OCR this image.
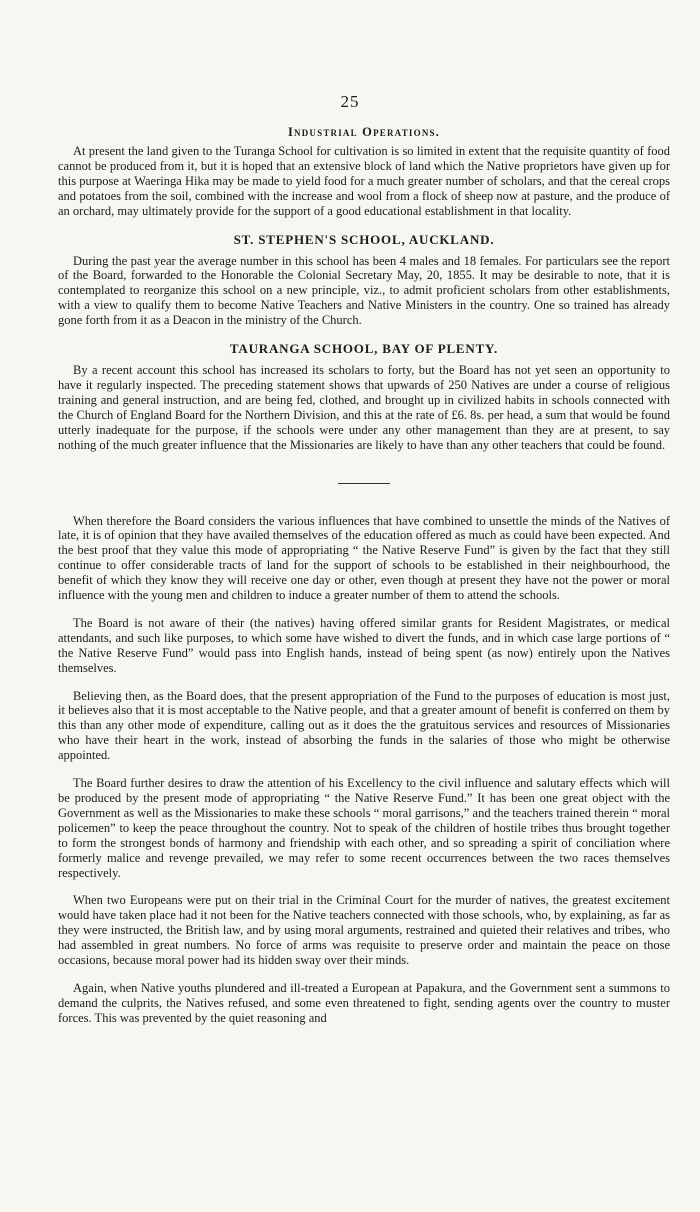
25
Industrial Operations.

At present the land given to the Turanga School for cultivation is so limited in extent that the requisite quantity of food cannot be produced from it, but it is hoped that an extensive block of land which the Native proprietors have given up for this purpose at Waeringa Hika may be made to yield food for a much greater number of scholars, and that the cereal crops and potatoes from the soil, combined with the increase and wool from a flock of sheep now at pasture, and the produce of an orchard, may ultimately provide for the support of a good educational establishment in that locality.

ST. STEPHEN'S SCHOOL, AUCKLAND.

During the past year the average number in this school has been 4 males and 18 females. For particulars see the report of the Board, forwarded to the Honorable the Colonial Secretary May, 20, 1855. It may be desirable to note, that it is contemplated to reorganize this school on a new principle, viz., to admit proficient scholars from other establishments, with a view to qualify them to become Native Teachers and Native Ministers in the country. One so trained has already gone forth from it as a Deacon in the ministry of the Church.

TAURANGA SCHOOL, BAY OF PLENTY.

By a recent account this school has increased its scholars to forty, but the Board has not yet seen an opportunity to have it regularly inspected. The preceding statement shows that upwards of 250 Natives are under a course of religious training and general instruction, and are being fed, clothed, and brought up in civilized habits in schools connected with the Church of England Board for the Northern Division, and this at the rate of £6. 8s. per head, a sum that would be found utterly inadequate for the purpose, if the schools were under any other management than they are at present, to say nothing of the much greater influence that the Missionaries are likely to have than any other teachers that could be found.

When therefore the Board considers the various influences that have combined to unsettle the minds of the Natives of late, it is of opinion that they have availed themselves of the education offered as much as could have been expected. And the best proof that they value this mode of appropriating “ the Native Reserve Fund” is given by the fact that they still continue to offer considerable tracts of land for the support of schools to be established in their neighbourhood, the benefit of which they know they will receive one day or other, even though at present they have not the power or moral influence with the young men and children to induce a greater number of them to attend the schools.

The Board is not aware of their (the natives) having offered similar grants for Resident Magistrates, or medical attendants, and such like purposes, to which some have wished to divert the funds, and in which case large portions of “ the Native Reserve Fund” would pass into English hands, instead of being spent (as now) entirely upon the Natives themselves.

Believing then, as the Board does, that the present appropriation of the Fund to the purposes of education is most just, it believes also that it is most acceptable to the Native people, and that a greater amount of benefit is conferred on them by this than any other mode of expenditure, calling out as it does the the gratuitous services and resources of Missionaries who have their heart in the work, instead of absorbing the funds in the salaries of those who might be otherwise appointed.

The Board further desires to draw the attention of his Excellency to the civil influence and salutary effects which will be produced by the present mode of appropriating “ the Native Reserve Fund.” It has been one great object with the Government as well as the Missionaries to make these schools “ moral garrisons,” and the teachers trained therein “ moral policemen” to keep the peace throughout the country. Not to speak of the children of hostile tribes thus brought together to form the strongest bonds of harmony and friendship with each other, and so spreading a spirit of conciliation where formerly malice and revenge prevailed, we may refer to some recent occurrences between the two races themselves respectively.

When two Europeans were put on their trial in the Criminal Court for the murder of natives, the greatest excitement would have taken place had it not been for the Native teachers connected with those schools, who, by explaining, as far as they were instructed, the British law, and by using moral arguments, restrained and quieted their relatives and tribes, who had assembled in great numbers. No force of arms was requisite to preserve order and maintain the peace on those occasions, because moral power had its hidden sway over their minds.

Again, when Native youths plundered and ill-treated a European at Papakura, and the Government sent a summons to demand the culprits, the Natives refused, and some even threatened to fight, sending agents over the country to muster forces. This was prevented by the quiet reasoning and
